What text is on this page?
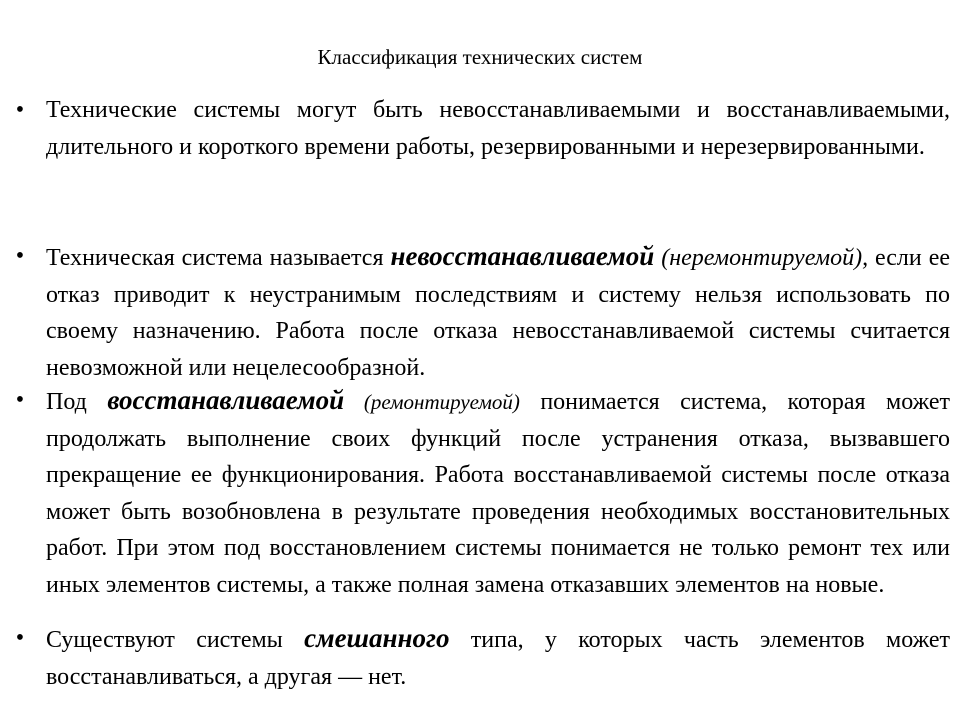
Классификация технических систем
• Технические системы могут быть невосстанавливаемыми и восстанавливаемыми, длительного и короткого времени работы, резервированными и нерезервированными.
• Техническая система называется невосстанавливаемой (неремонтируемой), если ее отказ приводит к неустранимым последствиям и систему нельзя использовать по своему назначению. Работа после отказа невосстанавливаемой системы считается невозможной или нецелесообразной.
• Под восстанавливаемой (ремонтируемой) понимается система, которая может продолжать выполнение своих функций после устранения отказа, вызвавшего прекращение ее функционирования. Работа восстанавливаемой системы после отказа может быть возобновлена в результате проведения необходимых восстановительных работ. При этом под восстановлением системы понимается не только ремонт тех или иных элементов системы, а также полная замена отказавших элементов на новые.
• Существуют системы смешанного типа, у которых часть элементов может восстанавливаться, а другая — нет.
